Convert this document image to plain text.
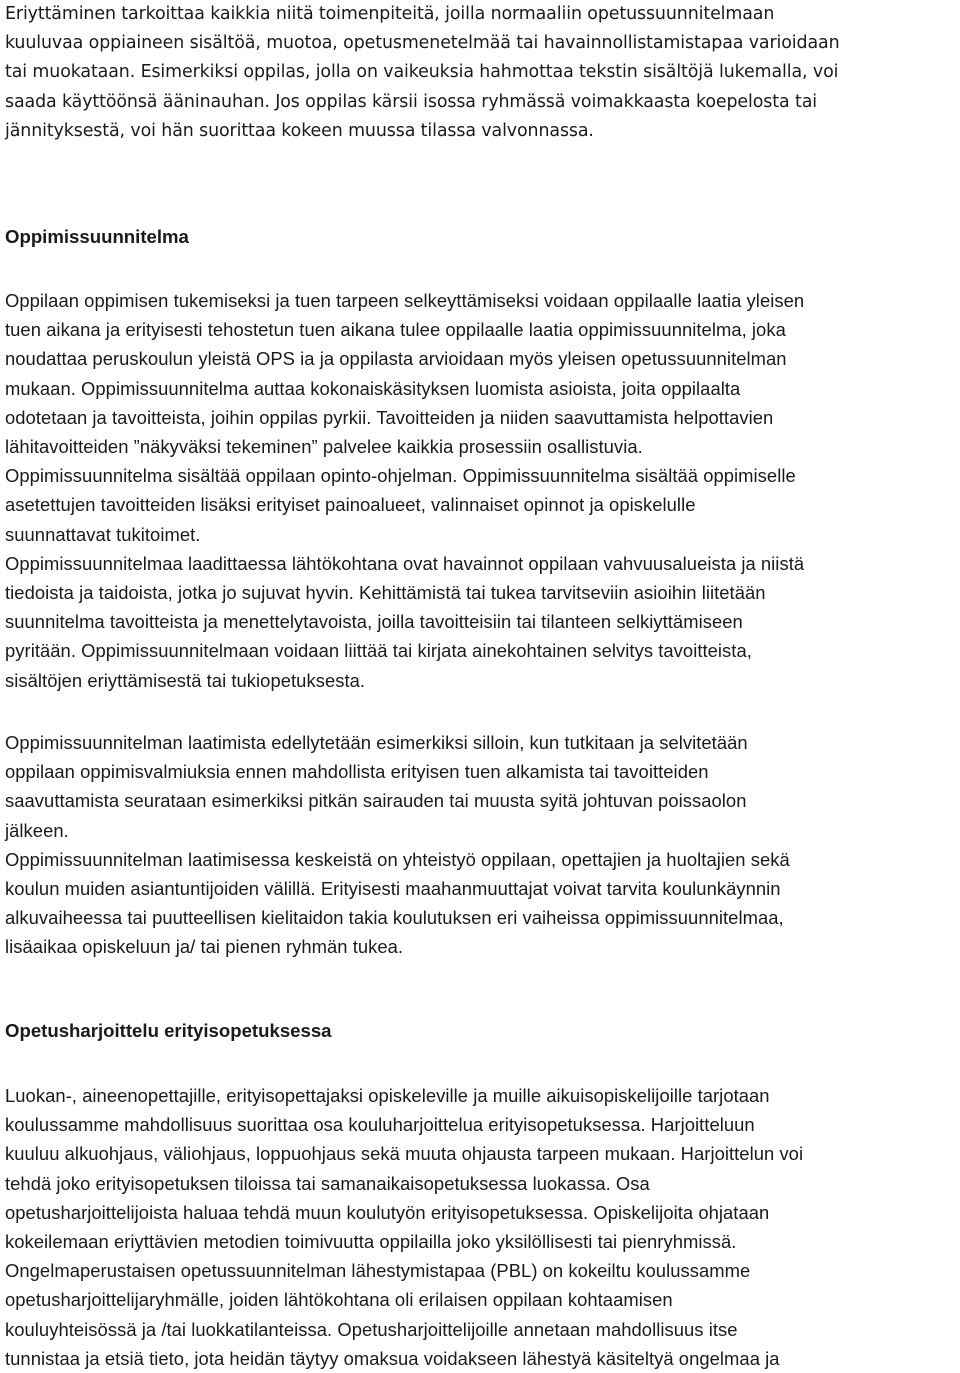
Eriyttäminen tarkoittaa kaikkia niitä toimenpiteitä, joilla normaaliin opetussuunnitelmaan
kuuluvaa oppiaineen sisältöä, muotoa, opetusmenetelmää tai havainnollistamistapaa varioidaan
tai muokataan. Esimerkiksi oppilas, jolla on vaikeuksia hahmottaa tekstin sisältöjä lukemalla, voi
saada käyttöönsä ääninauhan. Jos oppilas kärsii isossa ryhmässä voimakkaasta koepelosta tai
jännityksestä, voi hän suorittaa kokeen muussa tilassa valvonnassa.
Oppimissuunnitelma
Oppilaan oppimisen tukemiseksi ja tuen tarpeen selkeyttämiseksi voidaan oppilaalle laatia yleisen
tuen aikana ja erityisesti tehostetun tuen aikana tulee oppilaalle laatia oppimissuunnitelma, joka
noudattaa peruskoulun yleistä OPS ia ja oppilasta arvioidaan myös yleisen opetussuunnitelman
mukaan. Oppimissuunnitelma auttaa kokonaiskäsityksen luomista asioista, joita oppilaalta
odotetaan ja tavoitteista, joihin oppilas pyrkii. Tavoitteiden ja niiden saavuttamista helpottavien
lähitavoitteiden ”näkyväksi tekeminen” palvelee kaikkia prosessiin osallistuvia.
Oppimissuunnitelma sisältää oppilaan opinto-ohjelman. Oppimissuunnitelma sisältää oppimiselle
asetettujen tavoitteiden lisäksi erityiset painoalueet, valinnaiset opinnot ja opiskelulle
suunnattavat tukitoimet.
Oppimissuunnitelmaa laadittaessa lähtökohtana ovat havainnot oppilaan vahvuusalueista ja niistä
tiedoista ja taidoista, jotka jo sujuvat hyvin. Kehittämistä tai tukea tarvitseviin asioihin liitetään
suunnitelma tavoitteista ja menettelytavoista, joilla tavoitteisiin tai tilanteen selkiyttämiseen
pyritään. Oppimissuunnitelmaan voidaan liittää tai kirjata ainekohtainen selvitys tavoitteista,
sisältöjen eriyttämisestä tai tukiopetuksesta.
Oppimissuunnitelman laatimista edellytetään esimerkiksi silloin, kun tutkitaan ja selvitetään
oppilaan oppimisvalmiuksia ennen mahdollista erityisen tuen alkamista tai tavoitteiden
saavuttamista seurataan esimerkiksi pitkän sairauden tai muusta syitä johtuvan poissaolon
jälkeen.
Oppimissuunnitelman laatimisessa keskeistä on yhteistyö oppilaan, opettajien ja huoltajien sekä
koulun muiden asiantuntijoiden välillä. Erityisesti maahanmuuttajat voivat tarvita koulunkäynnin
alkuvaiheessa tai puutteellisen kielitaidon takia koulutuksen eri vaiheissa oppimissuunnitelmaa,
lisäaikaa opiskeluun ja/ tai pienen ryhmän tukea.
Opetusharjoittelu erityisopetuksessa
Luokan-, aineenopettajille, erityisopettajaksi opiskeleville ja muille aikuisopiskelijoille tarjotaan
koulussamme mahdollisuus suorittaa osa kouluharjoittelua erityisopetuksessa. Harjoitteluun
kuuluu alkuohjaus, väliohjaus, loppuohjaus sekä muuta ohjausta tarpeen mukaan. Harjoittelun voi
tehdä joko erityisopetuksen tiloissa tai samanaikaisopetuksessa luokassa. Osa
opetusharjoittelijoista haluaa tehdä muun koulutyön erityisopetuksessa. Opiskelijoita ohjataan
kokeilemaan eriyttävien metodien toimivuutta oppilailla joko yksilöllisesti tai pienryhmissä.
Ongelmaperustaisen opetussuunnitelman lähestymistapaa (PBL) on kokeiltu koulussamme
opetusharjoittelijaryhmälle, joiden lähtökohtana oli erilaisen oppilaan kohtaamisen
kouluyhteisössä ja /tai luokkatilanteissa. Opetusharjoittelijoille annetaan mahdollisuus itse
tunnistaa ja etsiä tieto, jota heidän täytyy omaksua voidakseen lähestyä käsiteltyä ongelmaa ja
